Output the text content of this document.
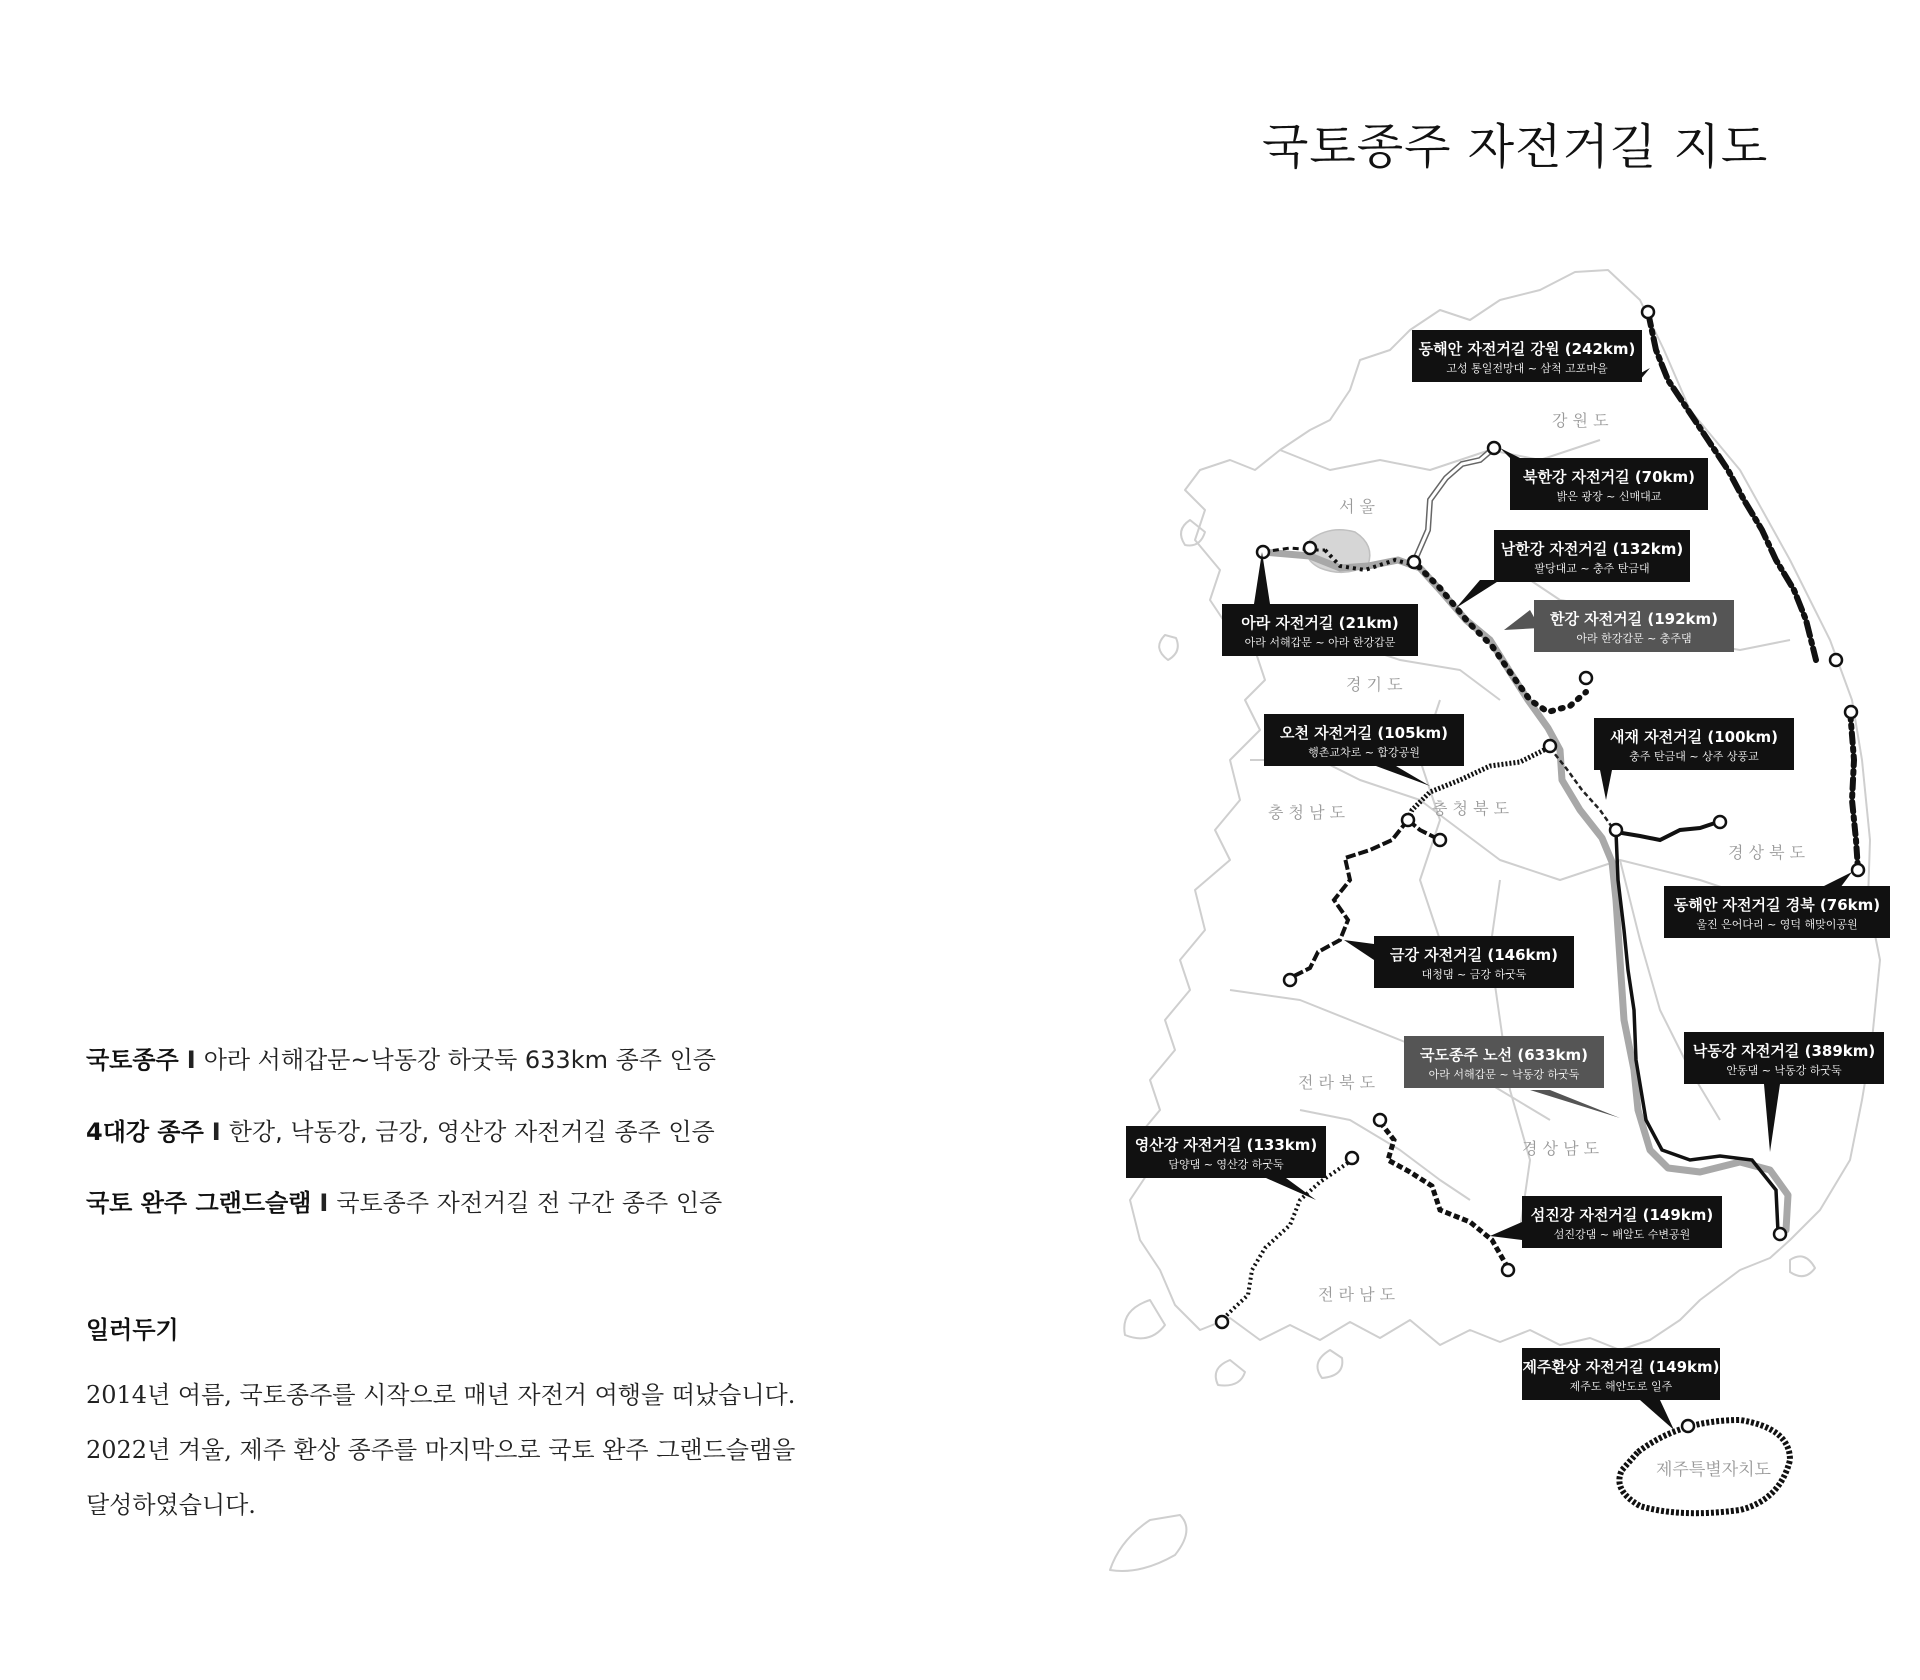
국토종주 자전거길 지도
국토종주 I 아라 서해갑문~낙동강 하굿둑 633km 종주 인증
4대강 종주 I 한강, 낙동강, 금강, 영산강 자전거길 종주 인증
국토 완주 그랜드슬램 I 국토종주 자전거길 전 구간 종주 인증
일러두기
2014년 여름, 국토종주를 시작으로 매년 자전거 여행을 떠났습니다.
2022년 겨울, 제주 환상 종주를 마지막으로 국토 완주 그랜드슬램을
달성하였습니다.
강 원 도
서 울
경 기 도
충 청 남 도	충 청 북 도
경 상 북 도
전 라 북 도
경 상 남 도
전 라 남 도
제주특별자치도
동해안 자전거길 강원 (242km)
고성 통일전망대 ~ 삼척 고포마을
북한강 자전거길 (70km)
밝은 광장 ~ 신매대교
남한강 자전거길 (132km)
팔당대교 ~ 충주 탄금대
아라 자전거길 (21km)
아라 서해갑문 ~ 아라 한강갑문
한강 자전거길 (192km)
아라 한강갑문 ~ 충주댐
오천 자전거길 (105km)
행촌교차로 ~ 합강공원
새재 자전거길 (100km)
충주 탄금대 ~ 상주 상풍교
동해안 자전거길 경북 (76km)
울진 은어다리 ~ 영덕 해맞이공원
금강 자전거길 (146km)
대청댐 ~ 금강 하굿둑
국도종주 노선 (633km)
아라 서해갑문 ~ 낙동강 하굿둑
낙동강 자전거길 (389km)
안동댐 ~ 낙동강 하굿둑
영산강 자전거길 (133km)
담양댐 ~ 영산강 하굿둑
섬진강 자전거길 (149km)
섬진강댐 ~ 배알도 수변공원
제주환상 자전거길 (149km)
제주도 해안도로 일주
